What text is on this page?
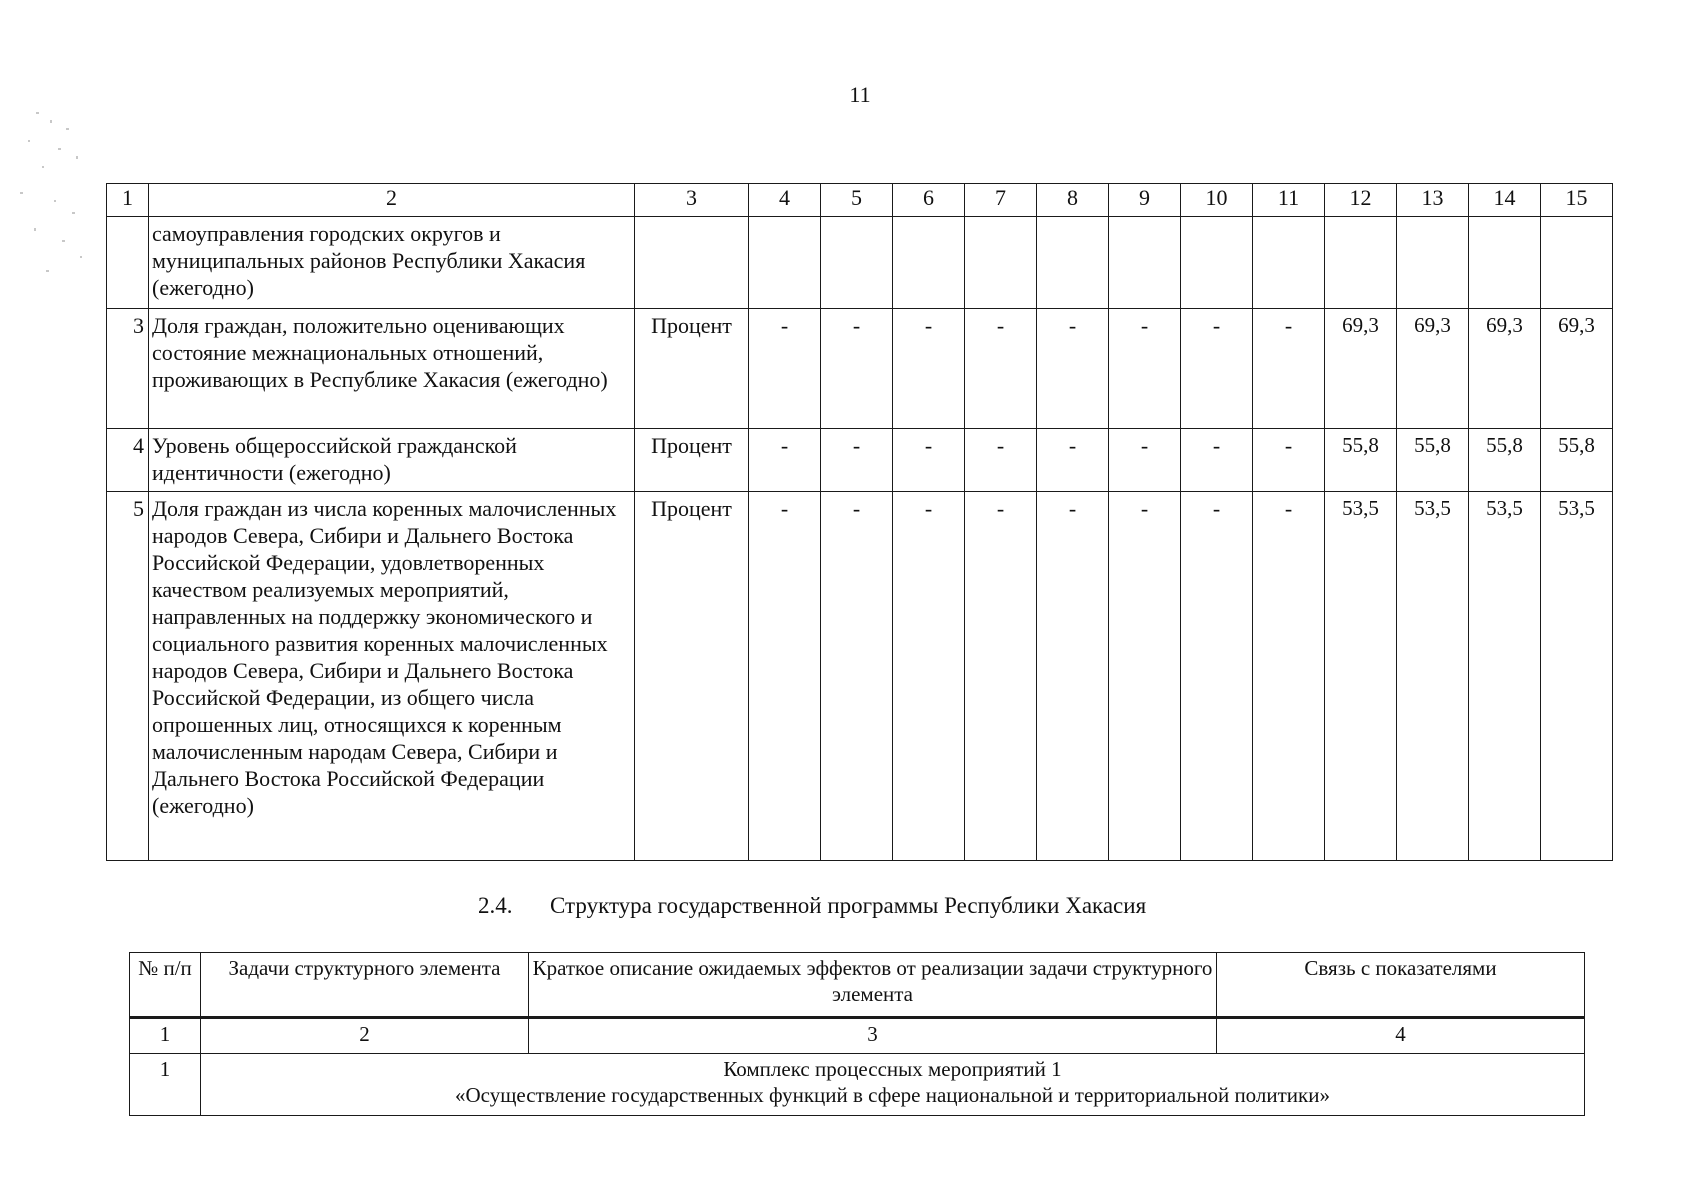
11
1	2	3	4	5	6	7	8	9	10	11	12	13	14	15
	самоуправления городских округов и муниципальных районов Республики Хакасия (ежегодно)													
3	Доля граждан, положительно оценивающих состояние межнациональных отношений, проживающих в Республике Хакасия (ежегодно)	Процент	-	-	-	-	-	-	-	-	69,3	69,3	69,3	69,3
4	Уровень общероссийской гражданской идентичности (ежегодно)	Процент	-	-	-	-	-	-	-	-	55,8	55,8	55,8	55,8
5	Доля граждан из числа коренных малочисленных народов Севера, Сибири и Дальнего Востока Российской Федерации, удовлетворенных качеством реализуемых мероприятий, направленных на поддержку экономического и социального развития коренных малочисленных народов Севера, Сибири и Дальнего Востока Российской Федерации, из общего числа опрошенных лиц, относящихся к коренным малочисленным народам Севера, Сибири и Дальнего Востока Российской Федерации (ежегодно)	Процент	-	-	-	-	-	-	-	-	53,5	53,5	53,5	53,5
2.4. Структура государственной программы Республики Хакасия
№ п/п	Задачи структурного элемента	Краткое описание ожидаемых эффектов от реализации задачи структурного элемента	Связь с показателями
1	2	3	4
1	Комплекс процессных мероприятий 1
«Осуществление государственных функций в сфере национальной и территориальной политики»		
